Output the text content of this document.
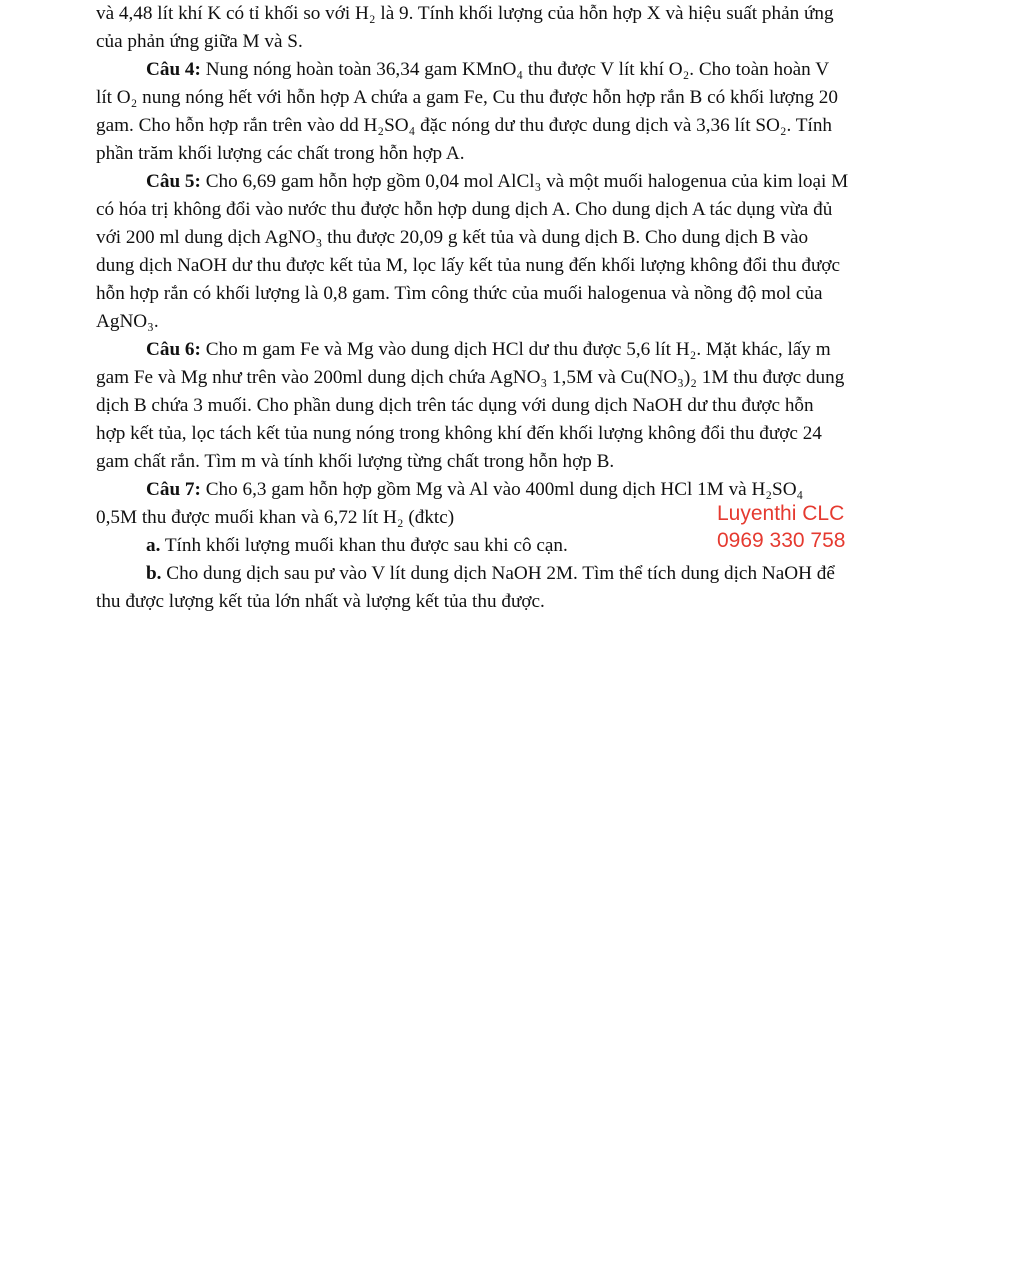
và 4,48 lít khí K có tỉ khối so với H₂ là 9. Tính khối lượng của hỗn hợp X và hiệu suất phản ứng
của phản ứng giữa M và S.
Câu 4: Nung nóng hoàn toàn 36,34 gam KMnO₄ thu được V lít khí O₂. Cho toàn hoàn V
lít O₂ nung nóng hết với hỗn hợp A chứa a gam Fe, Cu thu được hỗn hợp rắn B có khối lượng 20
gam. Cho hỗn hợp rắn trên vào dd H₂SO₄ đặc nóng dư thu được dung dịch và 3,36 lít SO₂. Tính
phần trăm khối lượng các chất trong hỗn hợp A.
Câu 5: Cho 6,69 gam hỗn hợp gồm 0,04 mol AlCl₃ và một muối halogenua của kim loại M
có hóa trị không đổi vào nước thu được hỗn hợp dung dịch A. Cho dung dịch A tác dụng vừa đủ
với 200 ml dung dịch AgNO₃ thu được 20,09 g kết tủa và dung dịch B. Cho dung dịch B vào
dung dịch NaOH dư thu được kết tủa M, lọc lấy kết tủa nung đến khối lượng không đổi thu được
hỗn hợp rắn có khối lượng là 0,8 gam. Tìm công thức của muối halogenua và nồng độ mol của
AgNO₃.
Câu 6: Cho m gam Fe và Mg vào dung dịch HCl dư thu được 5,6 lít H₂. Mặt khác, lấy m
gam Fe và Mg như trên vào 200ml dung dịch chứa AgNO₃ 1,5M và Cu(NO₃)₂ 1M thu được dung
dịch B chứa 3 muối. Cho phần dung dịch trên tác dụng với dung dịch NaOH dư thu được hỗn
hợp kết tủa, lọc tách kết tủa nung nóng trong không khí đến khối lượng không đổi thu được 24
gam chất rắn. Tìm m và tính khối lượng từng chất trong hỗn hợp B.
Câu 7: Cho 6,3 gam hỗn hợp gồm Mg và Al vào 400ml dung dịch HCl 1M và H₂SO₄
0,5M thu được muối khan và 6,72 lít H₂ (đktc)
a. Tính khối lượng muối khan thu được sau khi cô cạn.
b. Cho dung dịch sau pư vào V lít dung dịch NaOH 2M. Tìm thể tích dung dịch NaOH để
thu được lượng kết tủa lớn nhất và lượng kết tủa thu được.
Luyenthi CLC
0969 330 758
